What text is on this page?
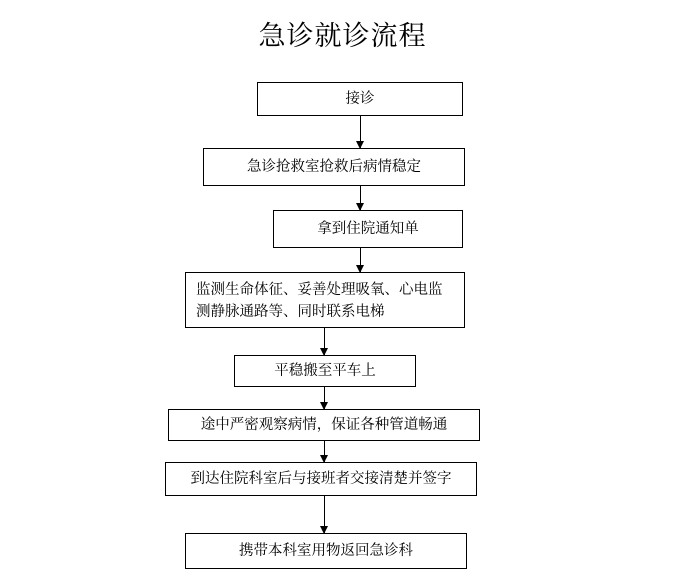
急诊就诊流程
接诊
急诊抢救室抢救后病情稳定
拿到住院通知单
监测生命体征、妥善处理吸氧、心电监测静脉通路等、同时联系电梯
平稳搬至平车上
途中严密观察病情，保证各种管道畅通
到达住院科室后与接班者交接清楚并签字
携带本科室用物返回急诊科
